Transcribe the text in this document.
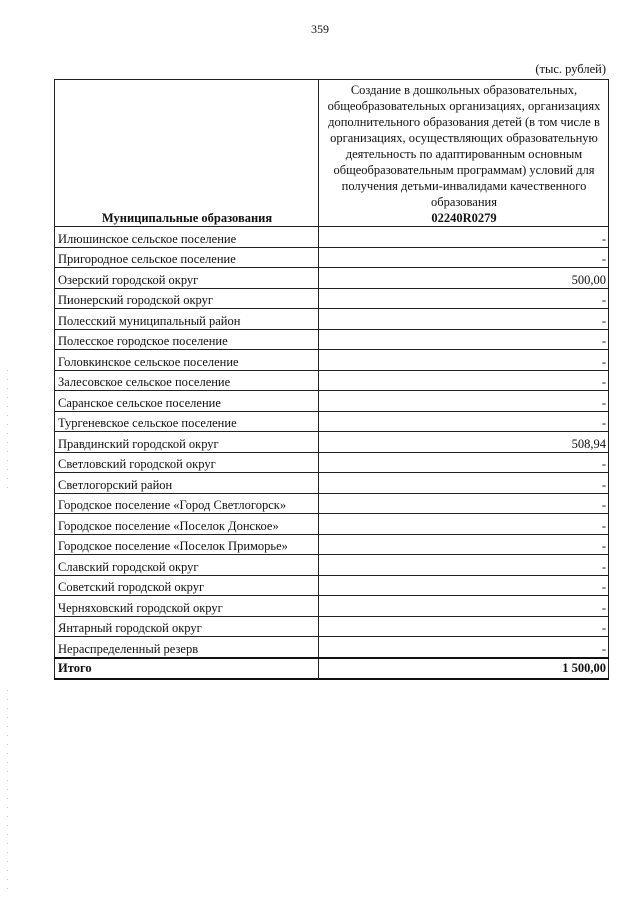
359
(тыс. рублей)
Муниципальные образования	Создание в дошкольных образовательных, общеобразовательных организациях, организациях дополнительного образования детей (в том числе в организациях, осуществляющих образовательную деятельность по адаптированным основным общеобразовательным программам) условий для получения детьми-инвалидами качественного образования
02240R0279

Илюшинское сельское поселение	-
Пригородное сельское поселение	-
Озерский городской округ	500,00
Пионерский городской округ	-
Полесский муниципальный район	-
Полесское городское поселение	-
Головкинское сельское поселение	-
Залесовское сельское поселение	-
Саранское сельское поселение	-
Тургеневское сельское поселение	-
Правдинский городской округ	508,94
Светловский городской округ	-
Светлогорский район	-
Городское поселение «Город Светлогорск»	-
Городское поселение «Поселок Донское»	-
Городское поселение «Поселок Приморье»	-
Славский городской округ	-
Советский городской округ	-
Черняховский городской округ	-
Янтарный городской округ	-
Нераспределенный резерв	-
Итого	1 500,00
